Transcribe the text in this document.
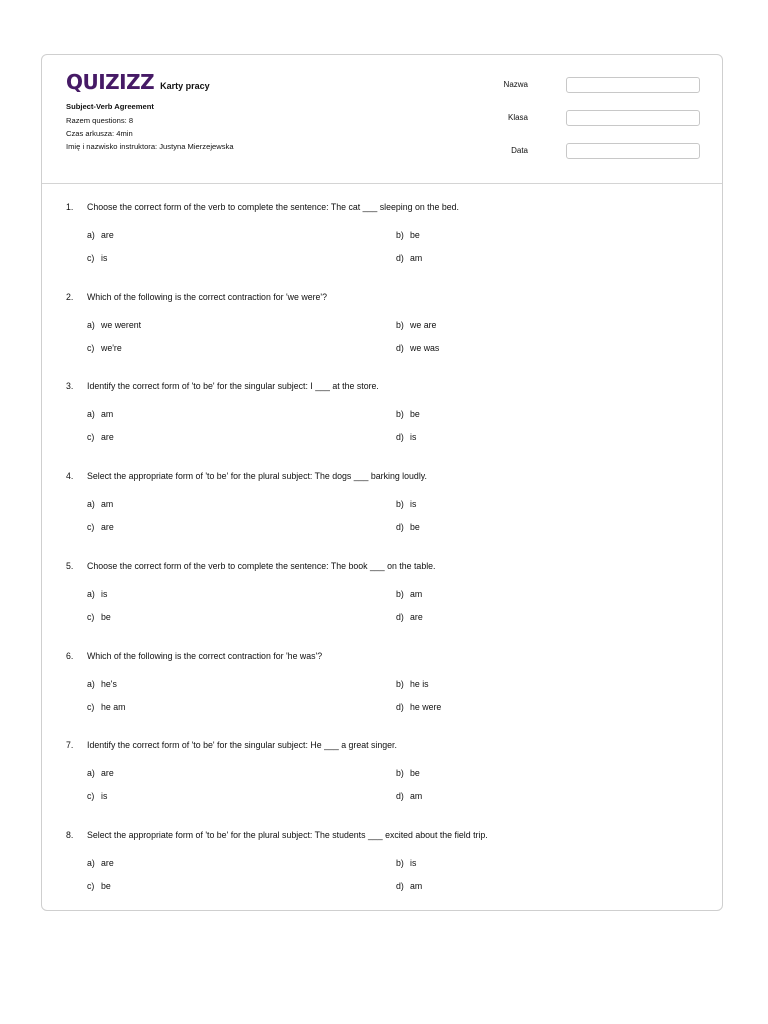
QUIZIZZ Karty pracy
Subject-Verb Agreement
Razem questions: 8
Czas arkusza: 4min
Imię i nazwisko instruktora: Justyna Mierzejewska
Nazwa
Klasa
Data
1. Choose the correct form of the verb to complete the sentence: The cat ___ sleeping on the bed.
a) are	b) be
c) is	d) am
2. Which of the following is the correct contraction for 'we were'?
a) we werent	b) we are
c) we're	d) we was
3. Identify the correct form of 'to be' for the singular subject: I ___ at the store.
a) am	b) be
c) are	d) is
4. Select the appropriate form of 'to be' for the plural subject: The dogs ___ barking loudly.
a) am	b) is
c) are	d) be
5. Choose the correct form of the verb to complete the sentence: The book ___ on the table.
a) is	b) am
c) be	d) are
6. Which of the following is the correct contraction for 'he was'?
a) he's	b) he is
c) he am	d) he were
7. Identify the correct form of 'to be' for the singular subject: He ___ a great singer.
a) are	b) be
c) is	d) am
8. Select the appropriate form of 'to be' for the plural subject: The students ___ excited about the field trip.
a) are	b) is
c) be	d) am
